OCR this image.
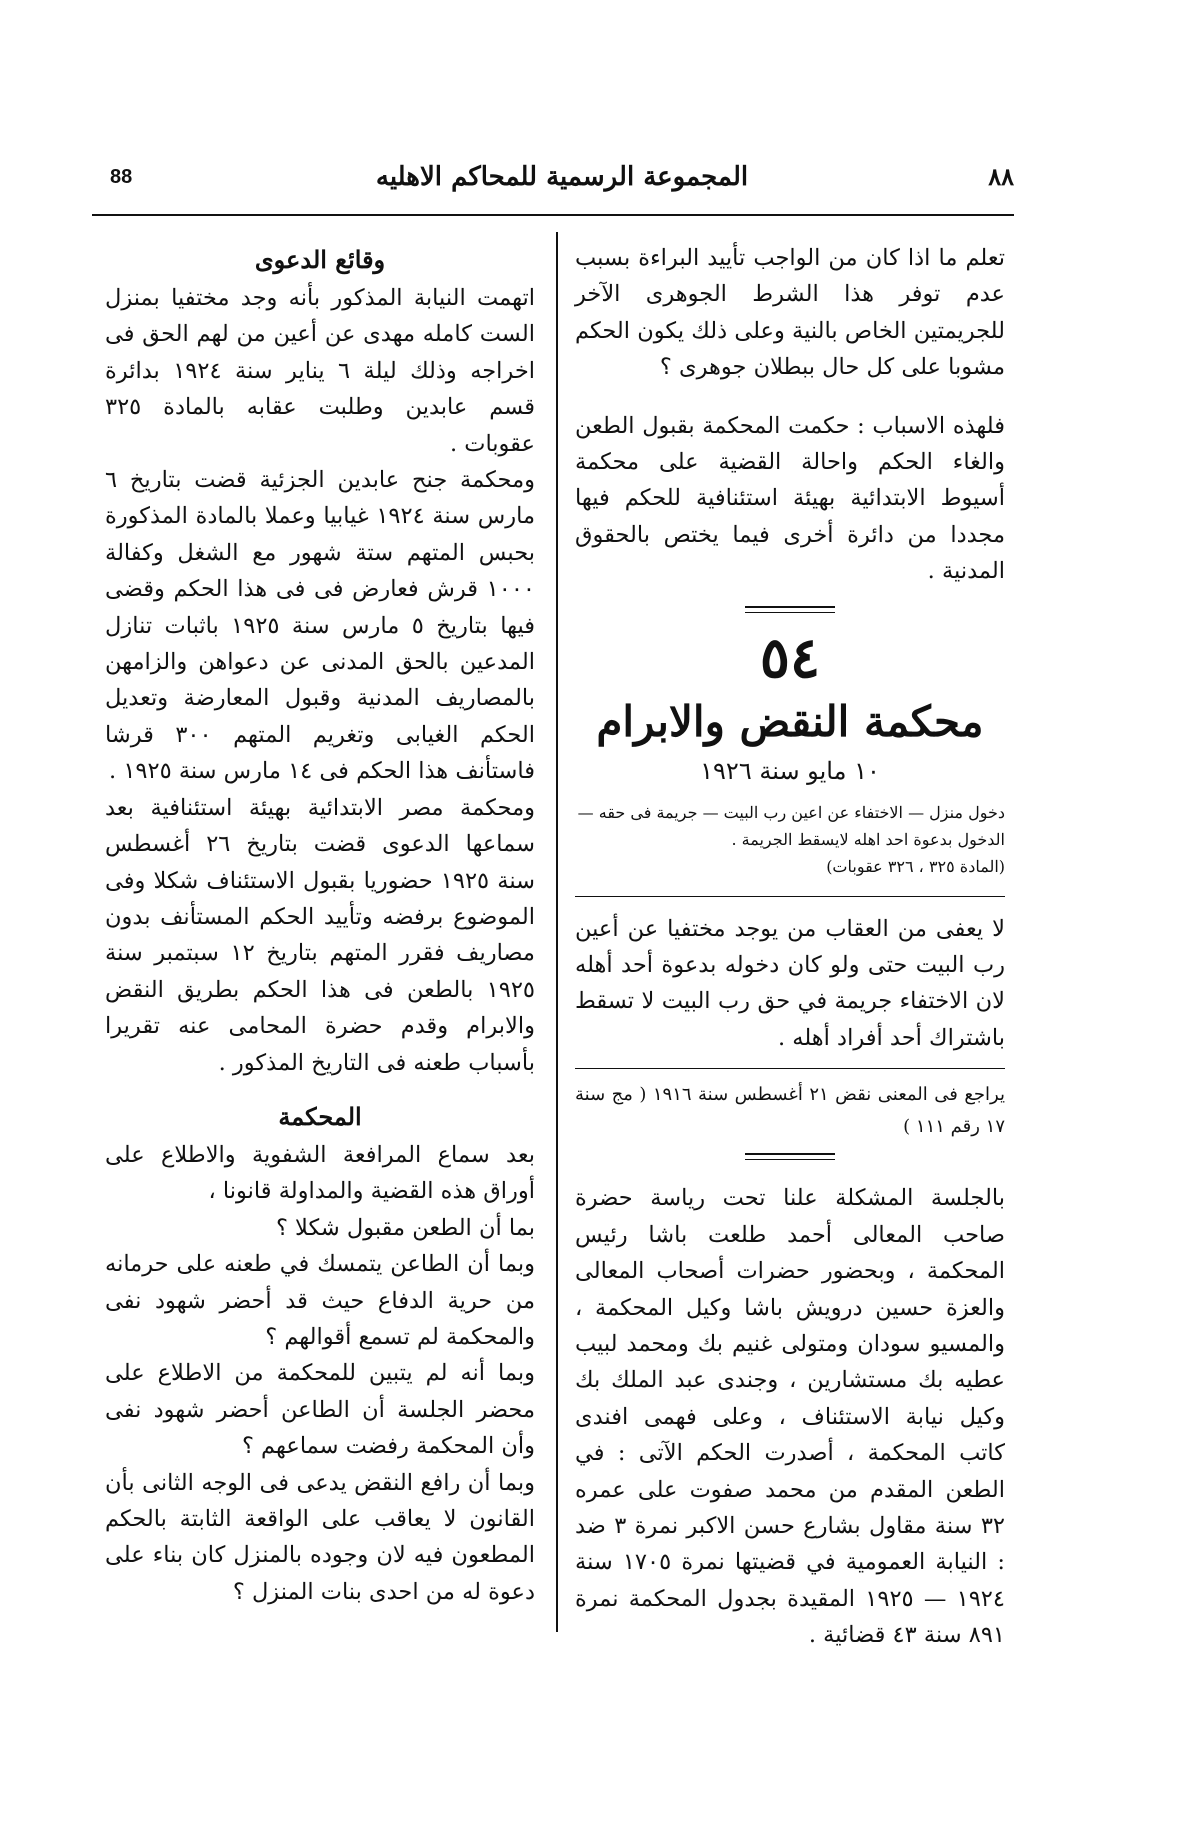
88	المجموعة الرسمية للمحاكم الاهليه	٨٨

تعلم ما اذا كان من الواجب تأييد البراءة بسبب عدم توفر هذا الشرط الجوهرى الآخر للجريمتين الخاص بالنية وعلى ذلك يكون الحكم مشوبا على كل حال ببطلان جوهرى ؟

فلهذه الاسباب : حكمت المحكمة بقبول الطعن والغاء الحكم واحالة القضية على محكمة أسيوط الابتدائية بهيئة استئنافية للحكم فيها مجددا من دائرة أخرى فيما يختص بالحقوق المدنية .

٥٤
محكمة النقض والابرام
١٠ مايو سنة ١٩٢٦
دخول منزل — الاختفاء عن اعين رب البيت — جريمة فى حقه —
الدخول بدعوة احد اهله لايسقط الجريمة .
(المادة ٣٢٥ ، ٣٢٦ عقوبات)

لا يعفى من العقاب من يوجد مختفيا عن أعين رب البيت حتى ولو كان دخوله بدعوة أحد أهله لان الاختفاء جريمة في حق رب البيت لا تسقط باشتراك أحد أفراد أهله .

يراجع فى المعنى نقض ٢١ أغسطس سنة ١٩١٦ ( مج سنة ١٧ رقم ١١١ )

بالجلسة المشكلة علنا تحت رياسة حضرة صاحب المعالى أحمد طلعت باشا رئيس المحكمة ، وبحضور حضرات أصحاب المعالى والعزة حسين درويش باشا وكيل المحكمة ، والمسيو سودان ومتولى غنيم بك ومحمد لبيب عطيه بك مستشارين ، وجندى عبد الملك بك وكيل نيابة الاستئناف ، وعلى فهمى افندى كاتب المحكمة ، أصدرت الحكم الآتى : في الطعن المقدم من محمد صفوت على عمره ٣٢ سنة مقاول بشارع حسن الاكبر نمرة ٣ ضد : النيابة العمومية في قضيتها نمرة ١٧٠٥ سنة ١٩٢٤ — ١٩٢٥ المقيدة بجدول المحكمة نمرة ٨٩١ سنة ٤٣ قضائية .

وقائع الدعوى

اتهمت النيابة المذكور بأنه وجد مختفيا بمنزل الست كامله مهدى عن أعين من لهم الحق فى اخراجه وذلك ليلة ٦ يناير سنة ١٩٢٤ بدائرة قسم عابدين وطلبت عقابه بالمادة ٣٢٥ عقوبات .

ومحكمة جنح عابدين الجزئية قضت بتاريخ ٦ مارس سنة ١٩٢٤ غيابيا وعملا بالمادة المذكورة بحبس المتهم ستة شهور مع الشغل وكفالة ١٠٠٠ قرش فعارض فى فى هذا الحكم وقضى فيها بتاريخ ٥ مارس سنة ١٩٢٥ باثبات تنازل المدعين بالحق المدنى عن دعواهن والزامهن بالمصاريف المدنية وقبول المعارضة وتعديل الحكم الغيابى وتغريم المتهم ٣٠٠ قرشا فاستأنف هذا الحكم فى ١٤ مارس سنة ١٩٢٥ .

ومحكمة مصر الابتدائية بهيئة استئنافية بعد سماعها الدعوى قضت بتاريخ ٢٦ أغسطس سنة ١٩٢٥ حضوريا بقبول الاستئناف شكلا وفى الموضوع برفضه وتأييد الحكم المستأنف بدون مصاريف فقرر المتهم بتاريخ ١٢ سبتمبر سنة ١٩٢٥ بالطعن فى هذا الحكم بطريق النقض والابرام وقدم حضرة المحامى عنه تقريرا بأسباب طعنه فى التاريخ المذكور .

المحكمة

بعد سماع المرافعة الشفوية والاطلاع على أوراق هذه القضية والمداولة قانونا ،

بما أن الطعن مقبول شكلا ؟

وبما أن الطاعن يتمسك في طعنه على حرمانه من حرية الدفاع حيث قد أحضر شهود نفى والمحكمة لم تسمع أقوالهم ؟

وبما أنه لم يتبين للمحكمة من الاطلاع على محضر الجلسة أن الطاعن أحضر شهود نفى وأن المحكمة رفضت سماعهم ؟

وبما أن رافع النقض يدعى فى الوجه الثانى بأن القانون لا يعاقب على الواقعة الثابتة بالحكم المطعون فيه لان وجوده بالمنزل كان بناء على دعوة له من احدى بنات المنزل ؟
